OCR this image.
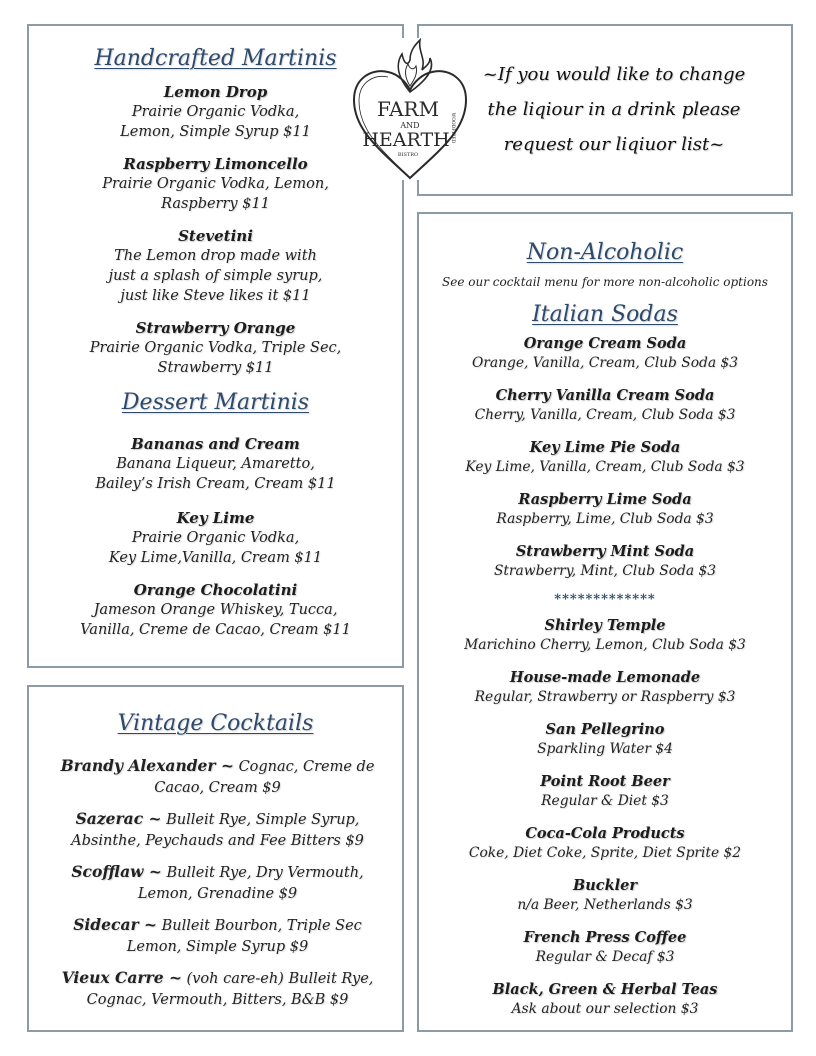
Handcrafted Martinis
Lemon Drop
Prairie Organic Vodka,
Lemon, Simple Syrup $11
Raspberry Limoncello
Prairie Organic Vodka, Lemon,
Raspberry $11
Stevetini
The Lemon drop made with
just a splash of simple syrup,
just like Steve likes it $11
Strawberry Orange
Prairie Organic Vodka, Triple Sec,
Strawberry $11
Dessert Martinis
Bananas and Cream
Banana Liqueur, Amaretto,
Bailey’s Irish Cream, Cream $11
Key Lime
Prairie Organic Vodka,
Key Lime,Vanilla, Cream $11
Orange Chocolatini
Jameson Orange Whiskey, Tucca,
Vanilla, Creme de Cacao, Cream $11
~If you would like to change
the liqiour in a drink please
request our liqiuor list~
FARM
AND
HEARTH WOODFIRED
BISTRO
Non-Alcoholic
See our cocktail menu for more non-alcoholic options
Italian Sodas
Orange Cream Soda
Orange, Vanilla, Cream, Club Soda $3
Cherry Vanilla Cream Soda
Cherry, Vanilla, Cream, Club Soda $3
Key Lime Pie Soda
Key Lime, Vanilla, Cream, Club Soda $3
Raspberry Lime Soda
Raspberry, Lime, Club Soda $3
Strawberry Mint Soda
Strawberry, Mint, Club Soda $3
*************
Shirley Temple
Marichino Cherry, Lemon, Club Soda $3
House-made Lemonade
Regular, Strawberry or Raspberry $3
San Pellegrino
Sparkling Water $4
Point Root Beer
Regular & Diet $3
Coca-Cola Products
Coke, Diet Coke, Sprite, Diet Sprite $2
Buckler
n/a Beer, Netherlands $3
French Press Coffee
Regular & Decaf $3
Black, Green & Herbal Teas
Ask about our selection $3
Vintage Cocktails
Brandy Alexander ~ Cognac, Creme de Cacao, Cream $9
Sazerac ~ Bulleit Rye, Simple Syrup, Absinthe, Peychauds and Fee Bitters $9
Scofflaw ~ Bulleit Rye, Dry Vermouth, Lemon, Grenadine $9
Sidecar ~ Bulleit Bourbon, Triple Sec Lemon, Simple Syrup $9
Vieux Carre ~ (voh care-eh) Bulleit Rye, Cognac, Vermouth, Bitters, B&B $9
